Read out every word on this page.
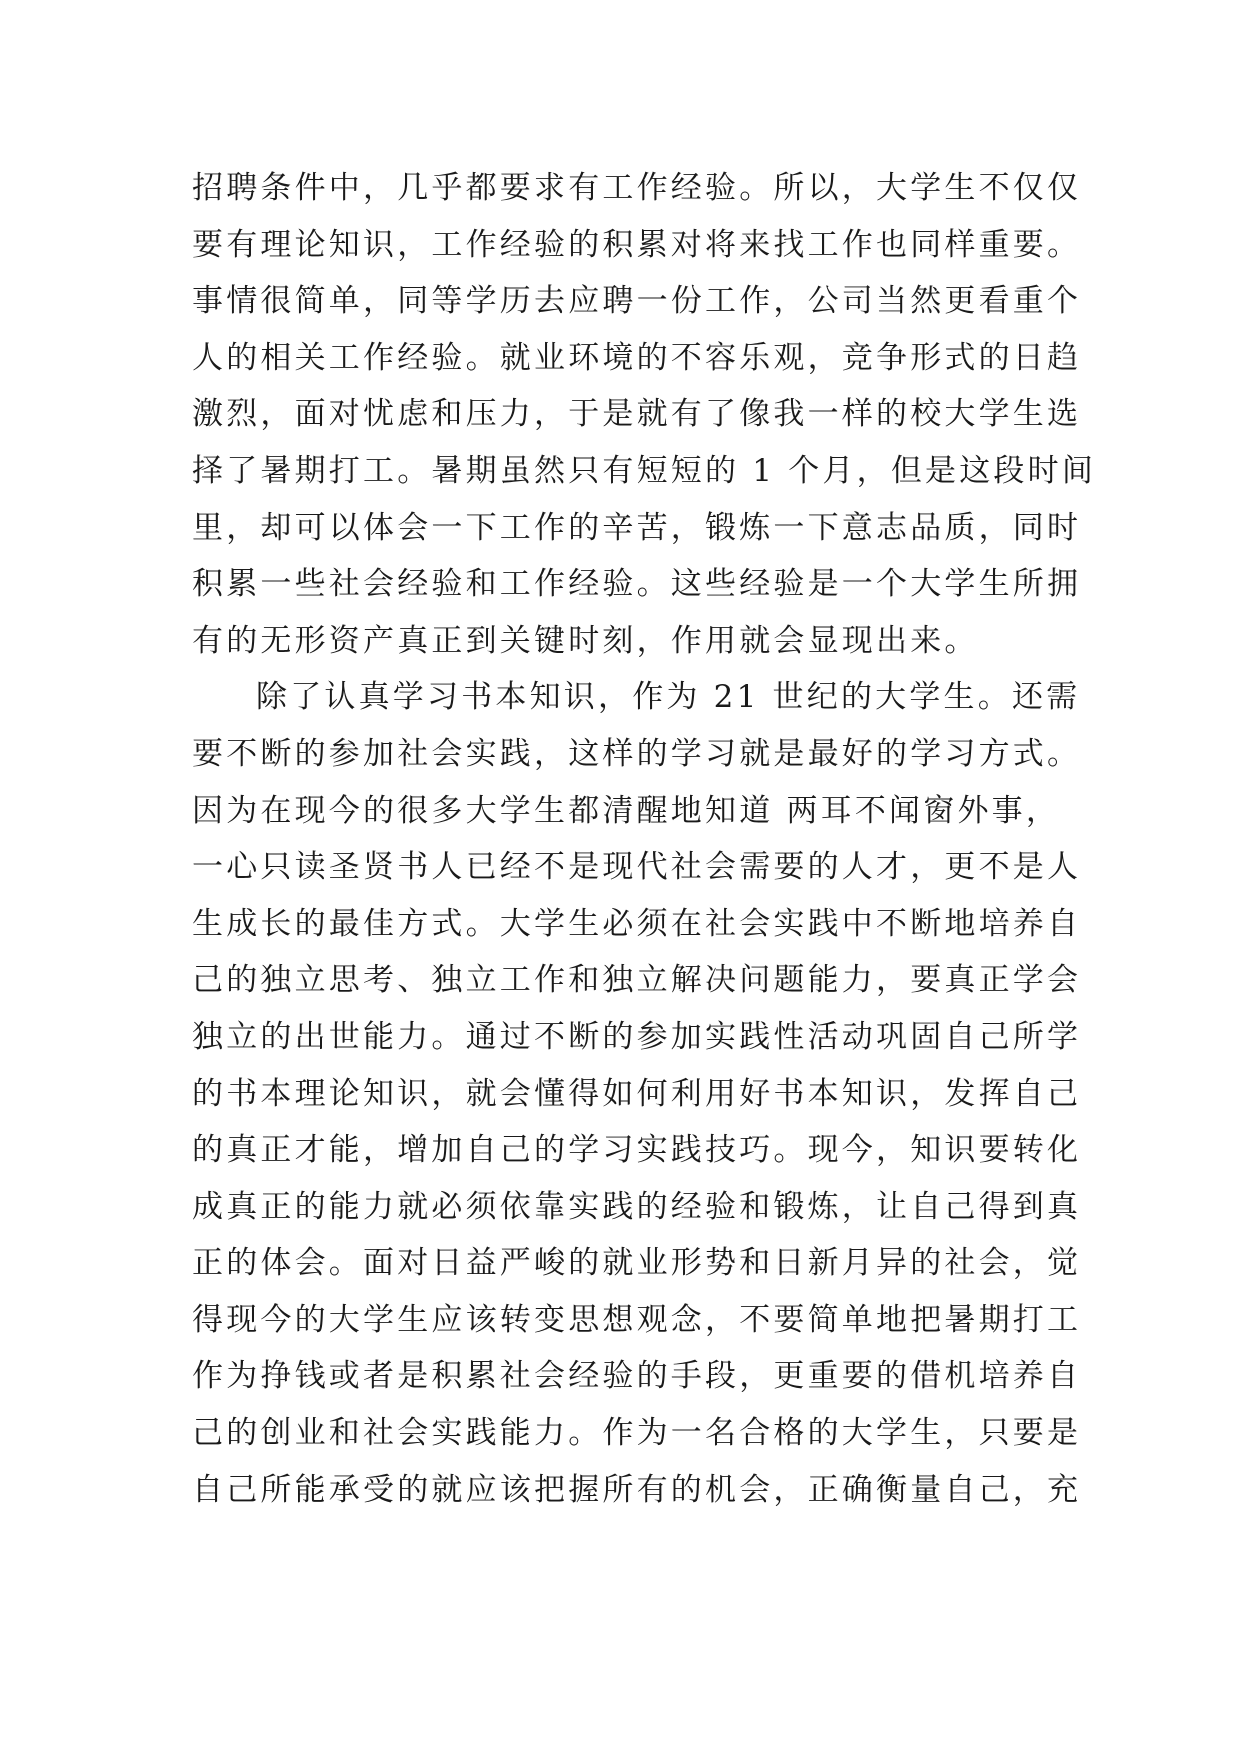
招聘条件中，几乎都要求有工作经验。所以，大学生不仅仅
要有理论知识，工作经验的积累对将来找工作也同样重要。
事情很简单，同等学历去应聘一份工作，公司当然更看重个
人的相关工作经验。就业环境的不容乐观，竞争形式的日趋
激烈，面对忧虑和压力，于是就有了像我一样的校大学生选
择了暑期打工。暑期虽然只有短短的 1 个月，但是这段时间
里，却可以体会一下工作的辛苦，锻炼一下意志品质，同时
积累一些社会经验和工作经验。这些经验是一个大学生所拥
有的无形资产真正到关键时刻，作用就会显现出来。
除了认真学习书本知识，作为 21 世纪的大学生。还需
要不断的参加社会实践，这样的学习就是最好的学习方式。
因为在现今的很多大学生都清醒地知道 两耳不闻窗外事，
一心只读圣贤书人已经不是现代社会需要的人才，更不是人
生成长的最佳方式。大学生必须在社会实践中不断地培养自
己的独立思考、独立工作和独立解决问题能力，要真正学会
独立的出世能力。通过不断的参加实践性活动巩固自己所学
的书本理论知识，就会懂得如何利用好书本知识，发挥自己
的真正才能，增加自己的学习实践技巧。现今，知识要转化
成真正的能力就必须依靠实践的经验和锻炼，让自己得到真
正的体会。面对日益严峻的就业形势和日新月异的社会，觉
得现今的大学生应该转变思想观念，不要简单地把暑期打工
作为挣钱或者是积累社会经验的手段，更重要的借机培养自
己的创业和社会实践能力。作为一名合格的大学生，只要是
自己所能承受的就应该把握所有的机会，正确衡量自己，充
